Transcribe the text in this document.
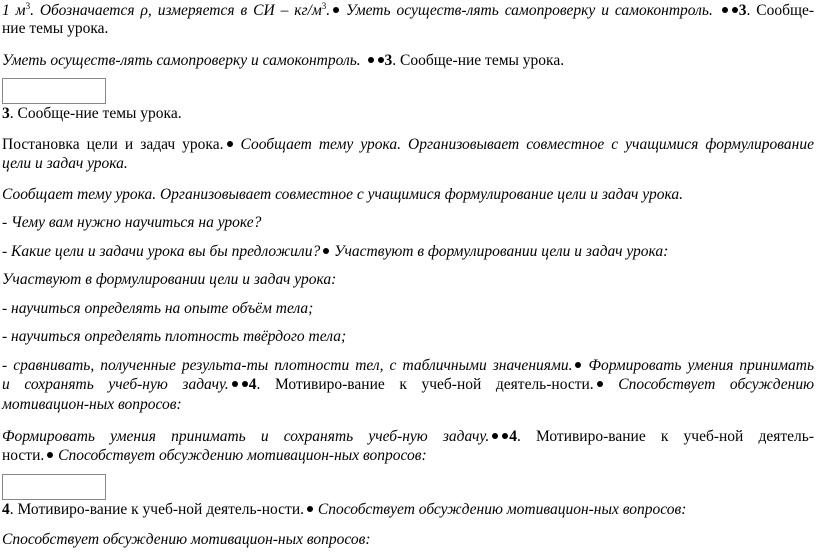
1 $м^3$. Обозначается ρ, измеряется в СИ – $кг/м^3$. Уметь осуществ-лять самопроверку и самоконтроль. 3. Сообще-
ние темы урока.
Уметь осуществ-лять самопроверку и самоконтроль. 3. Сообще-ние темы урока.
3. Сообще-ние темы урока.
Постановка цели и задач урока. Сообщает тему урока. Организовывает совместное с учащимися формулирование
цели и задач урока.
Сообщает тему урока. Организовывает совместное с учащимися формулирование цели и задач урока.
- Чему вам нужно научиться на уроке?
- Какие цели и задачи урока вы бы предложили? Участвуют в формулировании цели и задач урока:
Участвуют в формулировании цели и задач урока:
- научиться определять на опыте объём тела;
- научиться определять плотность твёрдого тела;
- сравнивать, полученные результа-ты плотности тел, с табличными значениями. Формировать умения принимать
и сохранять учеб-ную задачу. 4. Мотивиро-вание к учеб-ной деятель-ности. Способствует обсуждению
мотивацион-ных вопросов:
Формировать умения принимать и сохранять учеб-ную задачу. 4. Мотивиро-вание к учеб-ной деятель-
ности. Способствует обсуждению мотивацион-ных вопросов:
4. Мотивиро-вание к учеб-ной деятель-ности. Способствует обсуждению мотивацион-ных вопросов:
Способствует обсуждению мотивацион-ных вопросов:
